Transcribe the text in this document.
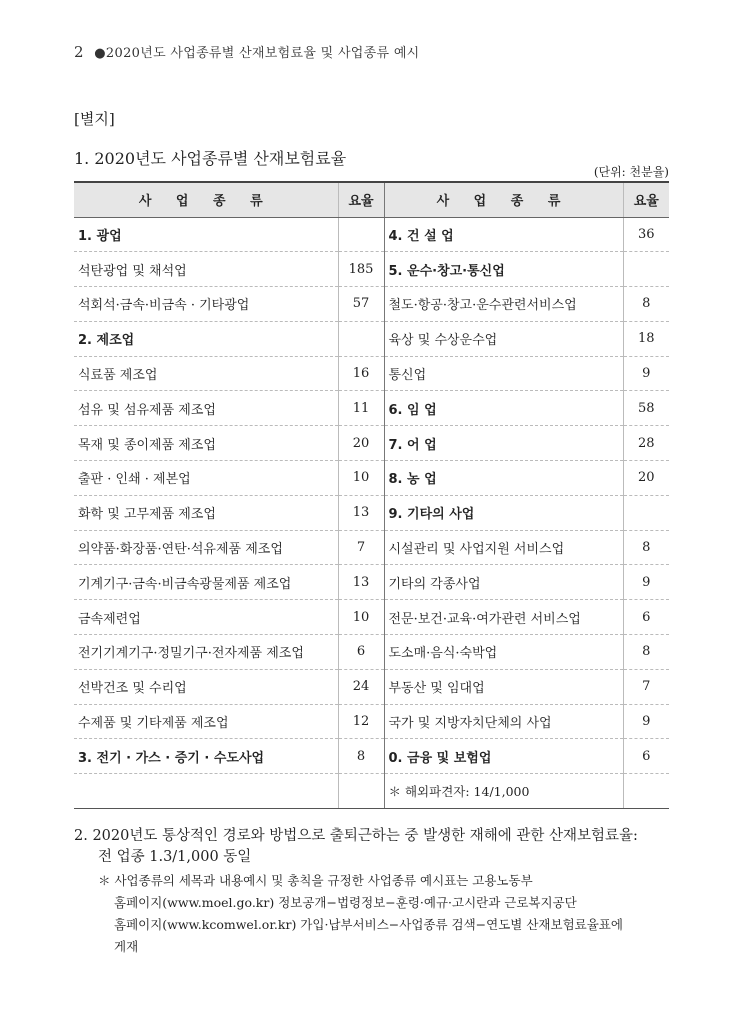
2 ●2020년도 사업종류별 산재보험료율 및 사업종류 예시
[별지]
1. 2020년도 사업종류별 산재보험료율
(단위: 천분율)
사 업 종 류	요율	사 업 종 류	요율
1. 광업		4. 건 설 업	36
석탄광업 및 채석업	185	5. 운수·창고·통신업	
석회석·금속·비금속 · 기타광업	57	철도·항공·창고·운수관련서비스업	8
2. 제조업		육상 및 수상운수업	18
식료품 제조업	16	통신업	9
섬유 및 섬유제품 제조업	11	6. 임 업	58
목재 및 종이제품 제조업	20	7. 어 업	28
출판 · 인쇄 · 제본업	10	8. 농 업	20
화학 및 고무제품 제조업	13	9. 기타의 사업	
의약품·화장품·연탄·석유제품 제조업	7	시설관리 및 사업지원 서비스업	8
기계기구·금속·비금속광물제품 제조업	13	기타의 각종사업	9
금속제련업	10	전문·보건·교육·여가관련 서비스업	6
전기기계기구·정밀기구·전자제품 제조업	6	도소매·음식·숙박업	8
선박건조 및 수리업	24	부동산 및 임대업	7
수제품 및 기타제품 제조업	12	국가 및 지방자치단체의 사업	9
3. 전기 · 가스 · 증기 · 수도사업	8	0. 금융 및 보험업	6
		＊ 해외파견자: 14/1,000	
2. 2020년도 통상적인 경로와 방법으로 출퇴근하는 중 발생한 재해에 관한 산재보험료율:
전 업종 1.3/1,000 동일
＊ 사업종류의 세목과 내용예시 및 총칙을 규정한 사업종류 예시표는 고용노동부
홈페이지(www.moel.go.kr) 정보공개−법령정보−훈령·예규·고시란과 근로복지공단
홈페이지(www.kcomwel.or.kr) 가입·납부서비스−사업종류 검색−연도별 산재보험료율표에
게재
